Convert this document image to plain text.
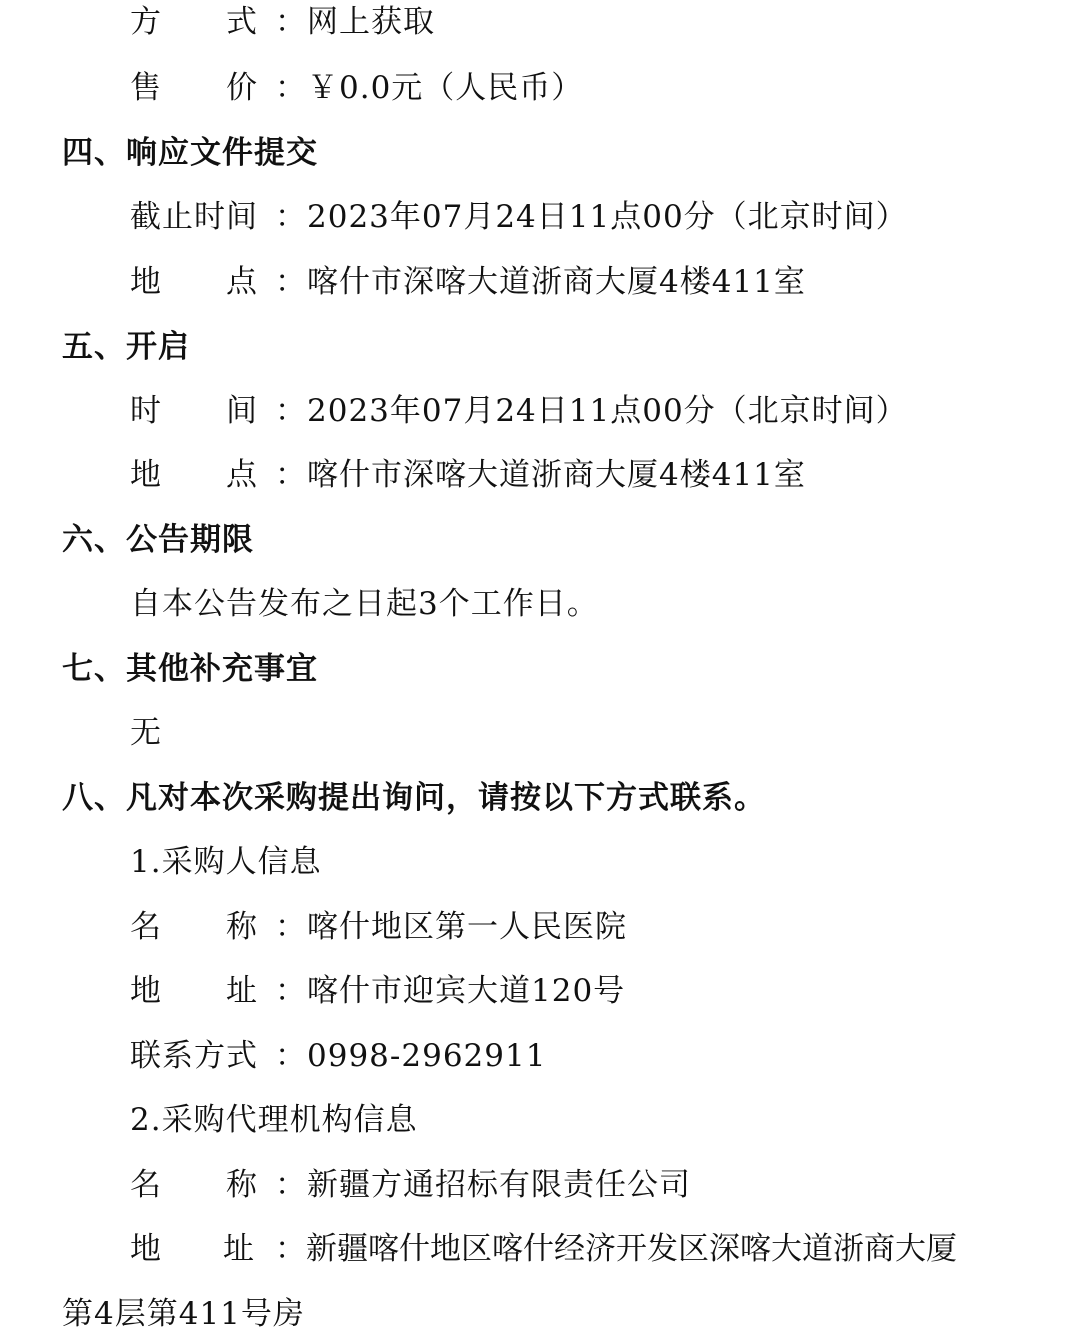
方　　式 ：网上获取
售　　价 ：￥0.0元（人民币）
四、响应文件提交
截止时间 ：2023年07月24日11点00分（北京时间）
地　　点 ：喀什市深喀大道浙商大厦4楼411室
五、开启
时　　间 ：2023年07月24日11点00分（北京时间）
地　　点 ：喀什市深喀大道浙商大厦4楼411室
六、公告期限
自本公告发布之日起3个工作日。
七、其他补充事宜
无
八、凡对本次采购提出询问，请按以下方式联系。
1.采购人信息
名　　称 ：喀什地区第一人民医院
地　　址 ：喀什市迎宾大道120号
联系方式 ：0998-2962911
2.采购代理机构信息
名　　称 ：新疆方通招标有限责任公司
地　　址 ：新疆喀什地区喀什经济开发区深喀大道浙商大厦
第4层第411号房
